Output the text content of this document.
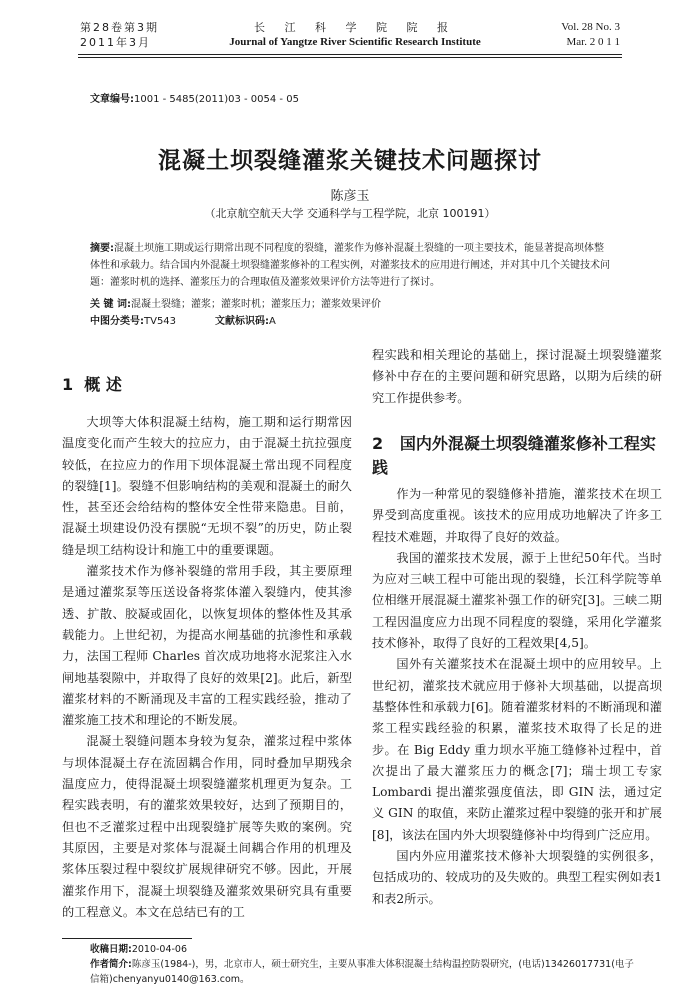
第28卷第3期
2011年3月
长 江 科 学 院 院 报
Journal of Yangtze River Scientific Research Institute
Vol. 28 No. 3
Mar. 2 0 1 1
文章编号:1001 - 5485(2011)03 - 0054 - 05
混凝土坝裂缝灌浆关键技术问题探讨
陈彦玉
（北京航空航天大学 交通科学与工程学院，北京 100191）
摘要:混凝土坝施工期或运行期常出现不同程度的裂缝，灌浆作为修补混凝土裂缝的一项主要技术，能显著提高坝体整体性和承载力。结合国内外混凝土坝裂缝灌浆修补的工程实例，对灌浆技术的应用进行阐述，并对其中几个关键技术问题：灌浆时机的选择、灌浆压力的合理取值及灌浆效果评价方法等进行了探讨。
关 键 词:混凝土裂缝；灌浆；灌浆时机；灌浆压力；灌浆效果评价
中图分类号:TV543	文献标识码:A
1 概 述

大坝等大体积混凝土结构，施工期和运行期常因温度变化而产生较大的拉应力，由于混凝土抗拉强度较低，在拉应力的作用下坝体混凝土常出现不同程度的裂缝[1]。裂缝不但影响结构的美观和混凝土的耐久性，甚至还会给结构的整体安全性带来隐患。目前，混凝土坝建设仍没有摆脱“无坝不裂”的历史，防止裂缝是坝工结构设计和施工中的重要课题。

灌浆技术作为修补裂缝的常用手段，其主要原理是通过灌浆泵等压送设备将浆体灌入裂缝内，使其渗透、扩散、胶凝或固化，以恢复坝体的整体性及其承载能力。上世纪初，为提高水闸基础的抗渗性和承载力，法国工程师 Charles 首次成功地将水泥浆注入水闸地基裂隙中，并取得了良好的效果[2]。此后，新型灌浆材料的不断涌现及丰富的工程实践经验，推动了灌浆施工技术和理论的不断发展。

混凝土裂缝问题本身较为复杂，灌浆过程中浆体与坝体混凝土存在流固耦合作用，同时叠加早期残余温度应力，使得混凝土坝裂缝灌浆机理更为复杂。工程实践表明，有的灌浆效果较好，达到了预期目的，但也不乏灌浆过程中出现裂缝扩展等失败的案例。究其原因，主要是对浆体与混凝土间耦合作用的机理及浆体压裂过程中裂纹扩展规律研究不够。因此，开展灌浆作用下，混凝土坝裂缝及灌浆效果研究具有重要的工程意义。本文在总结已有的工

程实践和相关理论的基础上，探讨混凝土坝裂缝灌浆修补中存在的主要问题和研究思路，以期为后续的研究工作提供参考。

2 国内外混凝土坝裂缝灌浆修补工程实践

作为一种常见的裂缝修补措施，灌浆技术在坝工界受到高度重视。该技术的应用成功地解决了许多工程技术难题，并取得了良好的效益。

我国的灌浆技术发展，源于上世纪50年代。当时为应对三峡工程中可能出现的裂缝，长江科学院等单位相继开展混凝土灌浆补强工作的研究[3]。三峡二期工程因温度应力出现不同程度的裂缝，采用化学灌浆技术修补，取得了良好的工程效果[4,5]。

国外有关灌浆技术在混凝土坝中的应用较早。上世纪初，灌浆技术就应用于修补大坝基础，以提高坝基整体性和承载力[6]。随着灌浆材料的不断涌现和灌浆工程实践经验的积累，灌浆技术取得了长足的进步。在 Big Eddy 重力坝水平施工缝修补过程中，首次提出了最大灌浆压力的概念[7]；瑞士坝工专家 Lombardi 提出灌浆强度值法，即 GIN 法，通过定义 GIN 的取值，来防止灌浆过程中裂缝的张开和扩展[8]，该法在国内外大坝裂缝修补中均得到广泛应用。

国内外应用灌浆技术修补大坝裂缝的实例很多，包括成功的、较成功的及失败的。典型工程实例如表1和表2所示。

收稿日期:2010-04-06
作者简介:陈彦玉(1984-)，男，北京市人，硕士研究生，主要从事准大体积混凝土结构温控防裂研究，(电话)13426017731(电子信箱)chenyanyu0140@163.com。
